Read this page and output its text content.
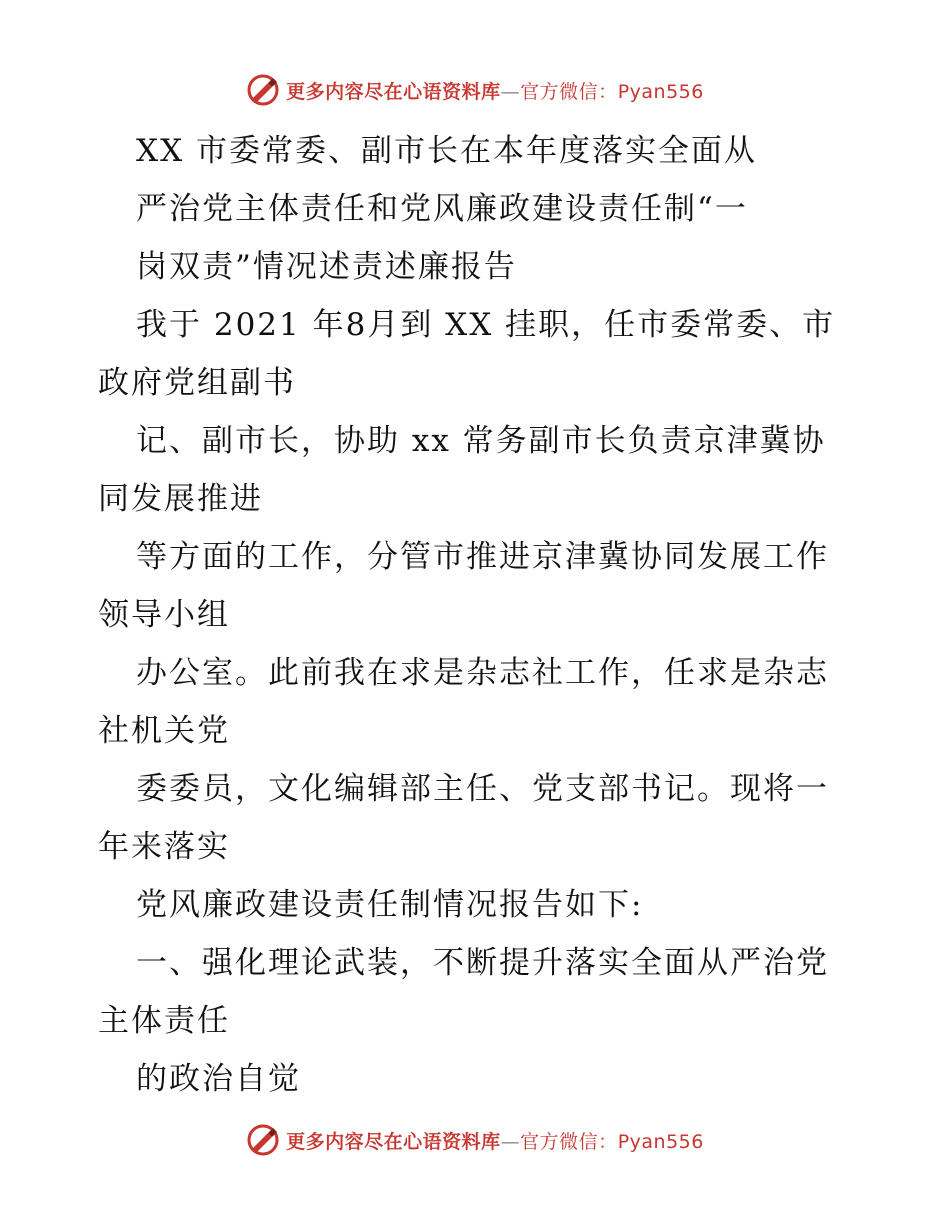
更多内容尽在心语资料库—官方微信：Pyan556
XX 市委常委、副市长在本年度落实全面从
严治党主体责任和党风廉政建设责任制“一
岗双责”情况述责述廉报告
我于 2021 年8月到 XX 挂职，任市委常委、市
政府党组副书
记、副市长，协助 xx 常务副市长负责京津冀协
同发展推进
等方面的工作，分管市推进京津冀协同发展工作
领导小组
办公室。此前我在求是杂志社工作，任求是杂志
社机关党
委委员，文化编辑部主任、党支部书记。现将一
年来落实
党风廉政建设责任制情况报告如下:
一、强化理论武装，不断提升落实全面从严治党
主体责任
的政治自觉
更多内容尽在心语资料库—官方微信：Pyan556
